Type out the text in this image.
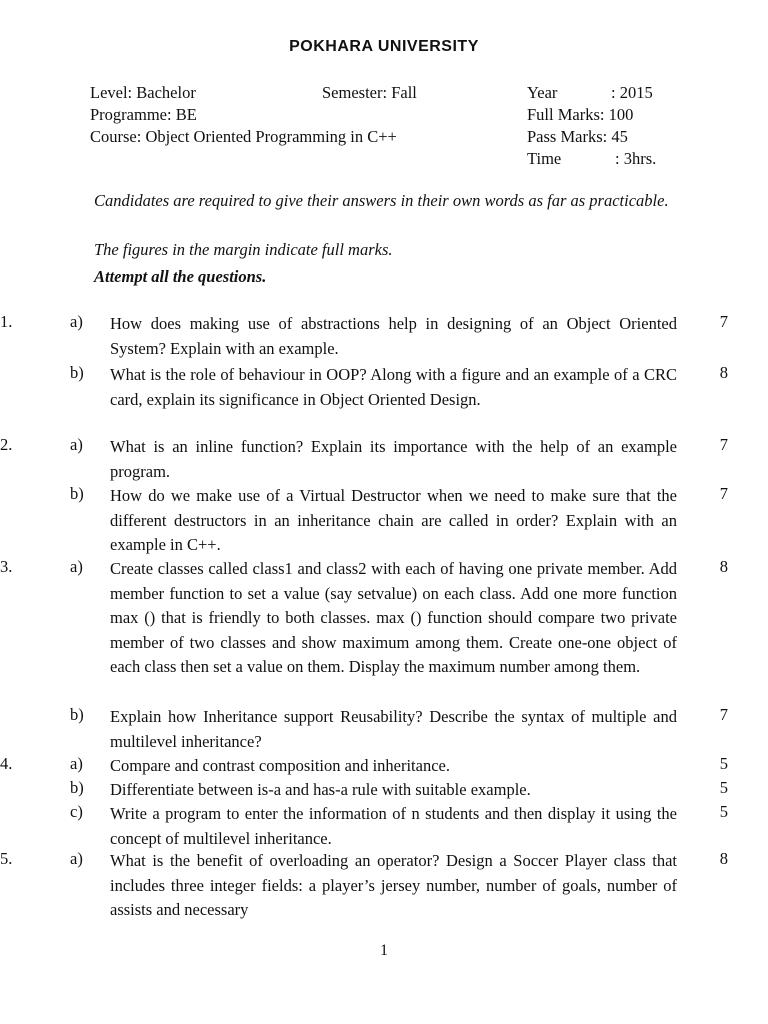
POKHARA UNIVERSITY
Level: Bachelor	Semester: Fall
Programme: BE
Course: Object Oriented Programming in C++
Year	: 2015
Full Marks: 100
Pass Marks: 45
Time	: 3hrs.
Candidates are required to give their answers in their own words as far as practicable.
The figures in the margin indicate full marks.
Attempt all the questions.
1.	a)	How does making use of abstractions help in designing of an Object Oriented System? Explain with an example.
7
b)	What is the role of behaviour in OOP? Along with a figure and an example of a CRC card, explain its significance in Object Oriented Design.
8
2.	a)	What is an inline function? Explain its importance with the help of an example program.
7
b)	How do we make use of a Virtual Destructor when we need to make sure that the different destructors in an inheritance chain are called in order? Explain with an example in C++.
7
3.	a)	Create classes called class1 and class2 with each of having one private member. Add member function to set a value (say setvalue) on each class. Add one more function max () that is friendly to both classes. max () function should compare two private member of two classes and show maximum among them. Create one-one object of each class then set a value on them. Display the maximum number among them.
8
b)	Explain how Inheritance support Reusability? Describe the syntax of multiple and multilevel inheritance?
7
4.	a)	Compare and contrast composition and inheritance.	5
b)	Differentiate between is-a and has-a rule with suitable example.	5
c)	Write a program to enter the information of n students and then display it using the concept of multilevel inheritance.
5
5.	a)	What is the benefit of overloading an operator? Design a Soccer Player class that includes three integer fields: a player’s jersey number, number of goals, number of assists and necessary
8
1
